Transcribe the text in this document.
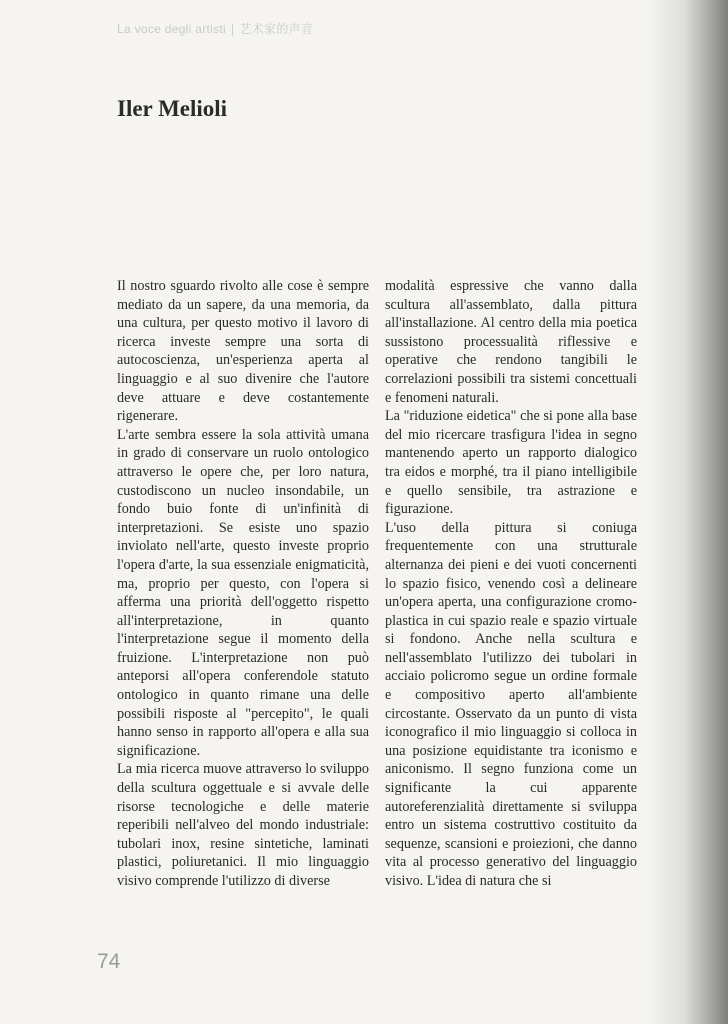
La voce degli artisti | 艺术家的声音
Iler Melioli

Il nostro sguardo rivolto alle cose è sempre mediato da un sapere, da una memoria, da una cultura, per questo motivo il lavoro di ricerca investe sempre una sorta di autocoscienza, un'esperienza aperta al linguaggio e al suo divenire che l'autore deve attuare e deve costantemente rigenerare.

L'arte sembra essere la sola attività umana in grado di conservare un ruolo ontologico attraverso le opere che, per loro natura, custodiscono un nucleo insondabile, un fondo buio fonte di un'infinità di interpretazioni. Se esiste uno spazio inviolato nell'arte, questo investe proprio l'opera d'arte, la sua essenziale enigmaticità, ma, proprio per questo, con l'opera si afferma una priorità dell'oggetto rispetto all'interpretazione, in quanto l'interpretazione segue il momento della fruizione. L'interpretazione non può anteporsi all'opera conferendole statuto ontologico in quanto rimane una delle possibili risposte al "percepito", le quali hanno senso in rapporto all'opera e alla sua significazione.

La mia ricerca muove attraverso lo sviluppo della scultura oggettuale e si avvale delle risorse tecnologiche e delle materie reperibili nell'alveo del mondo industriale: tubolari inox, resine sintetiche, laminati plastici, poliuretanici. Il mio linguaggio visivo comprende l'utilizzo di diverse

modalità espressive che vanno dalla scultura all'assemblato, dalla pittura all'installazione. Al centro della mia poetica sussistono processualità riflessive e operative che rendono tangibili le correlazioni possibili tra sistemi concettuali e fenomeni naturali.

La "riduzione eidetica" che si pone alla base del mio ricercare trasfigura l'idea in segno mantenendo aperto un rapporto dialogico tra eidos e morphé, tra il piano intelligibile e quello sensibile, tra astrazione e figurazione.

L'uso della pittura si coniuga frequentemente con una strutturale alternanza dei pieni e dei vuoti concernenti lo spazio fisico, venendo così a delineare un'opera aperta, una configurazione cromo-plastica in cui spazio reale e spazio virtuale si fondono. Anche nella scultura e nell'assemblato l'utilizzo dei tubolari in acciaio policromo segue un ordine formale e compositivo aperto all'ambiente circostante. Osservato da un punto di vista iconografico il mio linguaggio si colloca in una posizione equidistante tra iconismo e aniconismo. Il segno funziona come un significante la cui apparente autoreferenzialità direttamente si sviluppa entro un sistema costruttivo costituito da sequenze, scansioni e proiezioni, che danno vita al processo generativo del linguaggio visivo. L'idea di natura che si

74
